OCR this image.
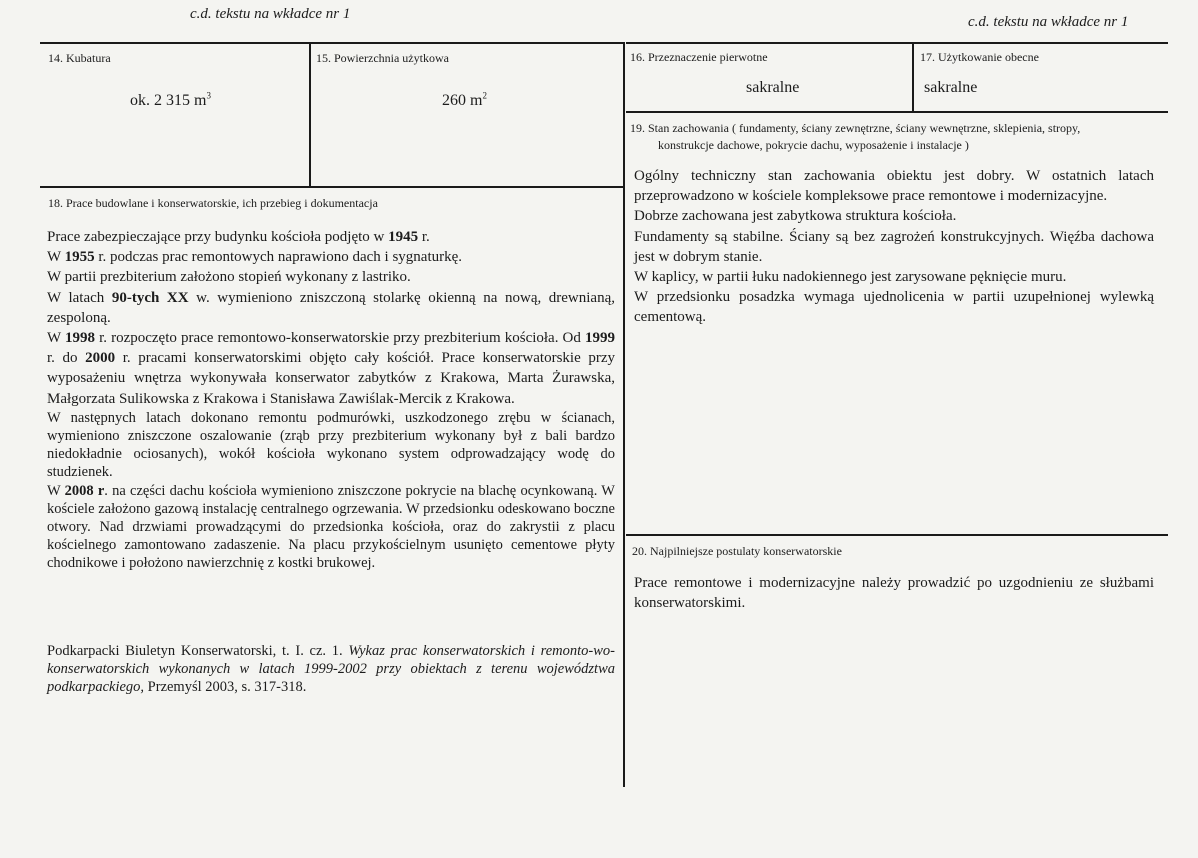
c.d. tekstu na wkładce nr 1	c.d. tekstu na wkładce nr 1
14. Kubatura
ok. 2 315 $m^3$
15. Powierzchnia użytkowa
260 $m^2$
16. Przeznaczenie pierwotne
sakralne
17. Użytkowanie obecne
sakralne
18. Prace budowlane i konserwatorskie, ich przebieg i dokumentacja

Prace zabezpieczające przy budynku kościoła podjęto w 1945 r.

W 1955 r. podczas prac remontowych naprawiono dach i sygnaturkę.

W partii prezbiterium założono stopień wykonany z lastriko.

W latach 90-tych XX w. wymieniono zniszczoną stolarkę okienną na nową, drewnianą, zespoloną.

W 1998 r. rozpoczęto prace remontowo-konserwatorskie przy prezbiterium kościoła. Od 1999 r. do 2000 r. pracami konserwatorskimi objęto cały kościół. Prace konserwatorskie przy wyposażeniu wnętrza wykonywała konserwator zabytków z Krakowa, Marta Żurawska, Małgorzata Sulikowska z Krakowa i Stanisława Zawiślak-Mercik z Krakowa.

W następnych latach dokonano remontu podmurówki, uszkodzonego zrębu w ścianach, wymieniono zniszczone oszalowanie (zrąb przy prezbiterium wykonany był z bali bardzo niedokładnie ociosanych), wokół kościoła wykonano system odprowadzający wodę do studzienek.

W 2008 r. na części dachu kościoła wymieniono zniszczone pokrycie na blachę ocynkowaną. W kościele założono gazową instalację centralnego ogrzewania. W przedsionku odeskowano boczne otwory. Nad drzwiami prowadzącymi do przedsionka kościoła, oraz do zakrystii z placu kościelnego zamontowano zadaszenie. Na placu przykościelnym usunięto cementowe płyty chodnikowe i położono nawierzchnię z kostki brukowej.

Podkarpacki Biuletyn Konserwatorski, t. I. cz. 1. Wykaz prac konserwatorskich i remonto-wo-konserwatorskich wykonanych w latach 1999-2002 przy obiektach z terenu województwa podkarpackiego, Przemyśl 2003, s. 317-318.
19. Stan zachowania ( fundamenty, ściany zewnętrzne, ściany wewnętrzne, sklepienia, stropy,
konstrukcje dachowe, pokrycie dachu, wyposażenie i instalacje )

Ogólny techniczny stan zachowania obiektu jest dobry. W ostatnich latach przeprowadzono w kościele kompleksowe prace remontowe i modernizacyjne.

Dobrze zachowana jest zabytkowa struktura kościoła.

Fundamenty są stabilne. Ściany są bez zagrożeń konstrukcyjnych. Więźba dachowa jest w dobrym stanie.

W kaplicy, w partii łuku nadokiennego jest zarysowane pęknięcie muru.

W przedsionku posadzka wymaga ujednolicenia w partii uzupełnionej wylewką cementową.

20. Najpilniejsze postulaty konserwatorskie
Prace remontowe i modernizacyjne należy prowadzić po uzgodnieniu ze służbami konserwatorskimi.
